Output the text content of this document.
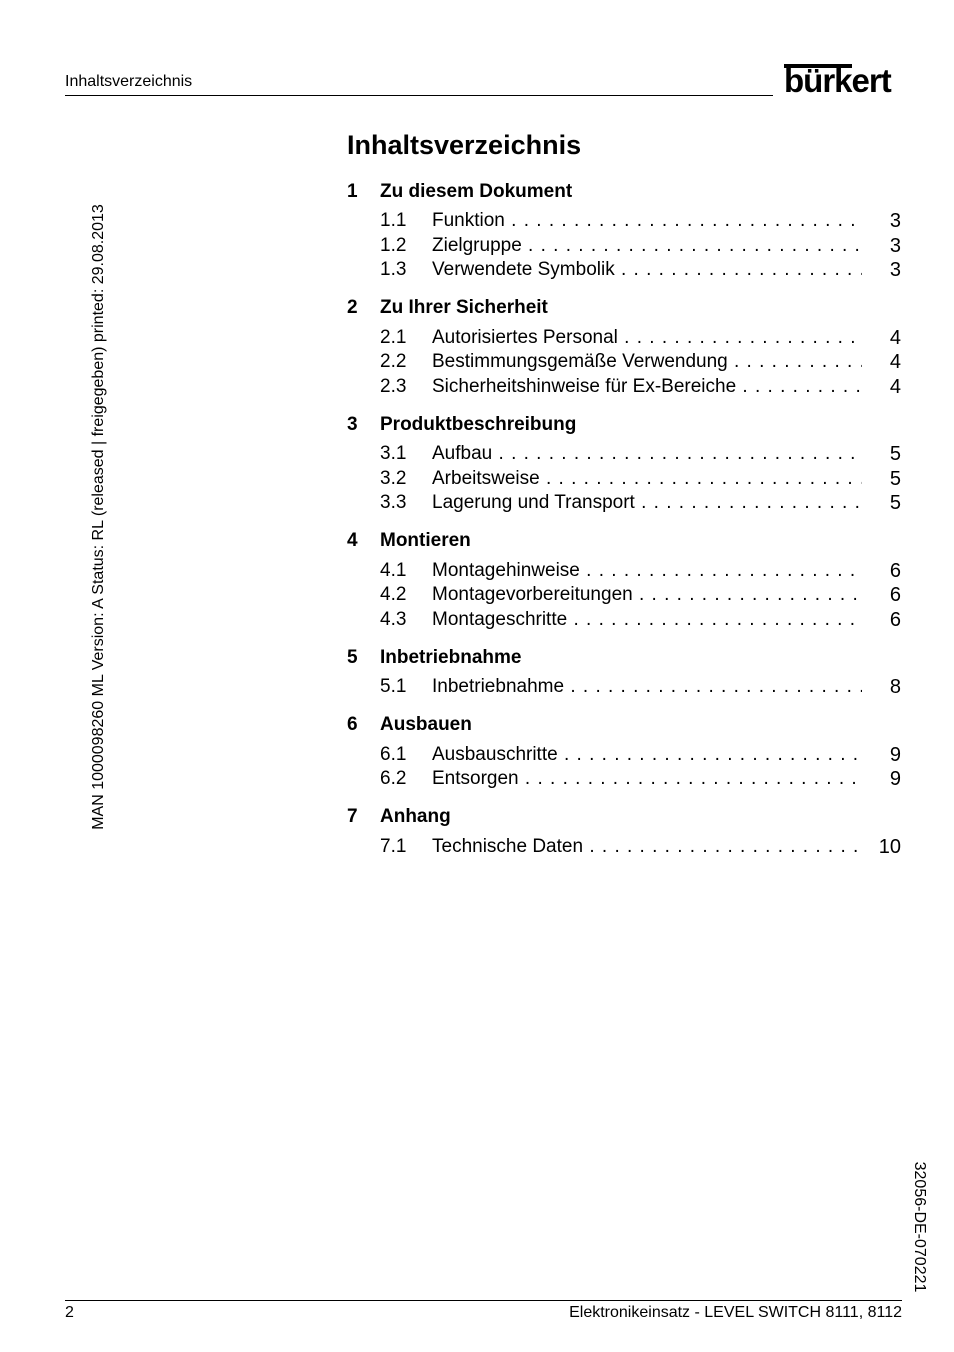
Inhaltsverzeichnis	bürkert
MAN 1000098260 ML Version: A Status: RL (released | freigegeben) printed: 29.08.2013
32056-DE-070221
Inhaltsverzeichnis
1	Zu diesem Dokument
1.1 Funktion . . .	3
1.2 Zielgruppe . . .	3
1.3 Verwendete Symbolik . . .	3
2	Zu Ihrer Sicherheit
2.1 Autorisiertes Personal . . .	4
2.2 Bestimmungsgemäße Verwendung . . .	4
2.3 Sicherheitshinweise für Ex-Bereiche . . .	4
3	Produktbeschreibung
3.1 Aufbau . . .	5
3.2 Arbeitsweise . . .	5
3.3 Lagerung und Transport . . .	5
4	Montieren
4.1 Montagehinweise . . .	6
4.2 Montagevorbereitungen . . .	6
4.3 Montageschritte . . .	6
5	Inbetriebnahme
5.1 Inbetriebnahme . . .	8
6	Ausbauen
6.1 Ausbauschritte . . .	9
6.2 Entsorgen . . .	9
7	Anhang
7.1 Technische Daten . . .	10
2	Elektronikeinsatz - LEVEL SWITCH 8111, 8112
